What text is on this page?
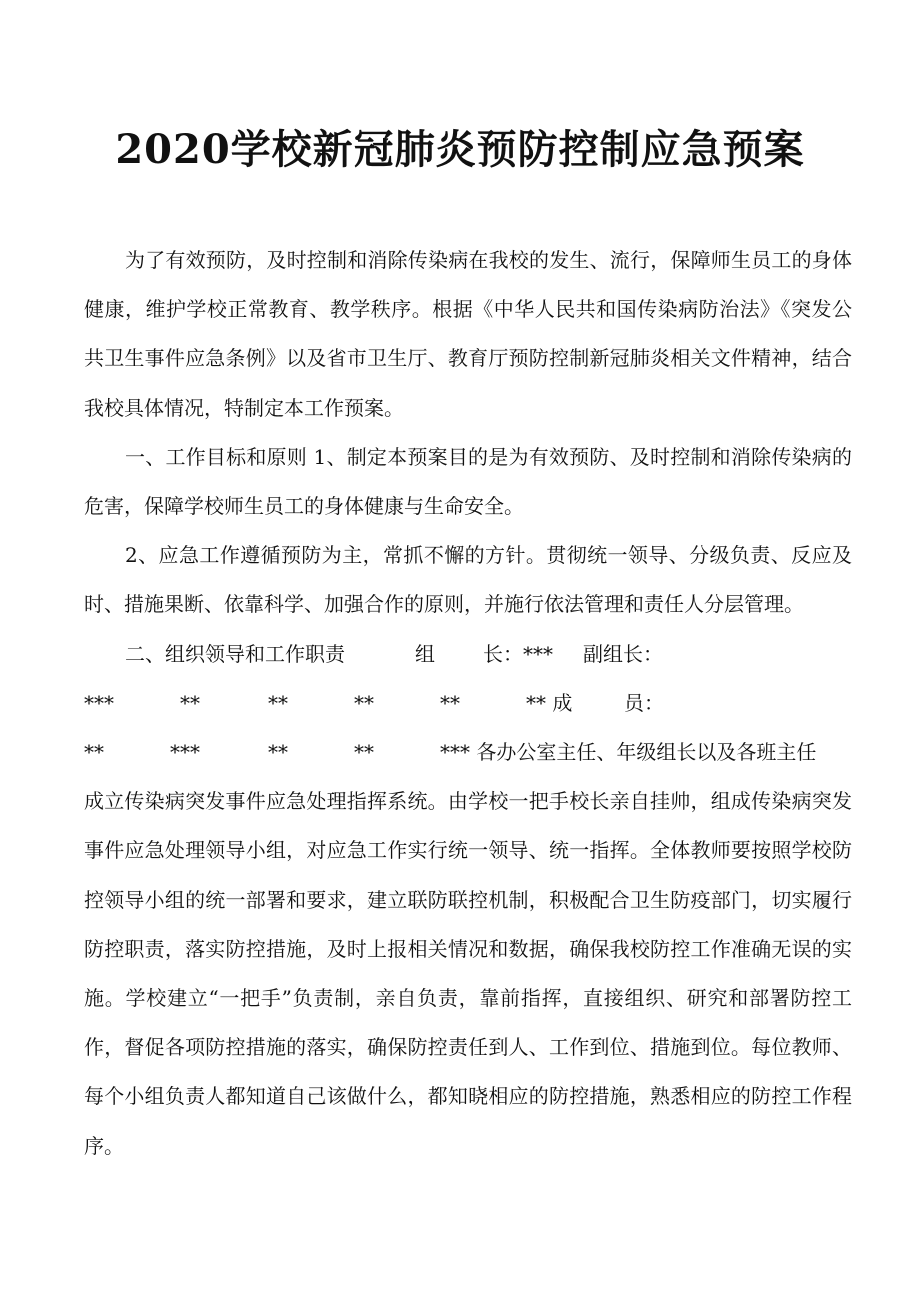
2020学校新冠肺炎预防控制应急预案

为了有效预防，及时控制和消除传染病在我校的发生、流行，保障师生员工的身体健康，维护学校正常教育、教学秩序。根据《中华人民共和国传染病防治法》《突发公共卫生事件应急条例》以及省市卫生厅、教育厅预防控制新冠肺炎相关文件精神，结合我校具体情况，特制定本工作预案。

一、工作目标和原则 1、制定本预案目的是为有效预防、及时控制和消除传染病的危害，保障学校师生员工的身体健康与生命安全。

2、应急工作遵循预防为主，常抓不懈的方针。贯彻统一领导、分级负责、反应及时、措施果断、依靠科学、加强合作的原则，并施行依法管理和责任人分层管理。

二、组织领导和工作职责	组	长：***	副组长：
***	**	**	**	**	** 成	员：
**	***	**	**	*** 各办公室主任、年级组长以及各班主任

成立传染病突发事件应急处理指挥系统。由学校一把手校长亲自挂帅，组成传染病突发事件应急处理领导小组，对应急工作实行统一领导、统一指挥。全体教师要按照学校防控领导小组的统一部署和要求，建立联防联控机制，积极配合卫生防疫部门，切实履行防控职责，落实防控措施，及时上报相关情况和数据，确保我校防控工作准确无误的实施。学校建立“一把手”负责制，亲自负责，靠前指挥，直接组织、研究和部署防控工作，督促各项防控措施的落实，确保防控责任到人、工作到位、措施到位。每位教师、每个小组负责人都知道自己该做什么，都知晓相应的防控措施，熟悉相应的防控工作程序。
